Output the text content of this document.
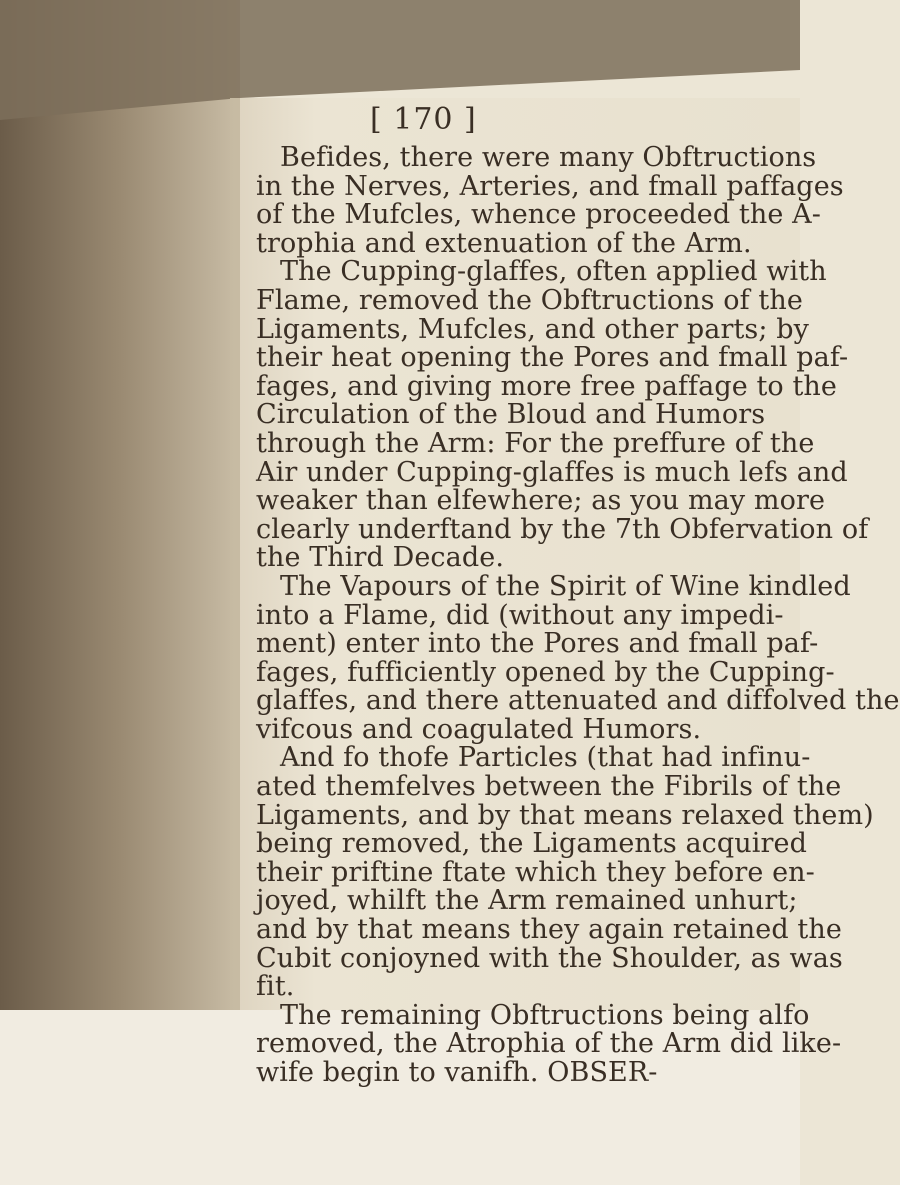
[ 170 ]
Befides, there were many Obftructions
in the Nerves, Arteries, and fmall paffages
of the Mufcles, whence proceeded the A-
trophia and extenuation of the Arm.
The Cupping-glaffes, often applied with
Flame, removed the Obftructions of the
Ligaments, Mufcles, and other parts; by
their heat opening the Pores and fmall paf-
fages, and giving more free paffage to the
Circulation of the Bloud and Humors
through the Arm: For the preffure of the
Air under Cupping-glaffes is much lefs and
weaker than elfewhere; as you may more
clearly underftand by the 7th Obfervation of
the Third Decade.
The Vapours of the Spirit of Wine kindled
into a Flame, did (without any impedi-
ment) enter into the Pores and fmall paf-
fages, fufficiently opened by the Cupping-
glaffes, and there attenuated and diffolved the
vifcous and coagulated Humors.
And fo thofe Particles (that had infinu-
ated themfelves between the Fibrils of the
Ligaments, and by that means relaxed them)
being removed, the Ligaments acquired
their priftine ftate which they before en-
joyed, whilft the Arm remained unhurt;
and by that means they again retained the
Cubit conjoyned with the Shoulder, as was
fit.
The remaining Obftructions being alfo
removed, the Atrophia of the Arm did like-
wife begin to vanifh. OBSER-
